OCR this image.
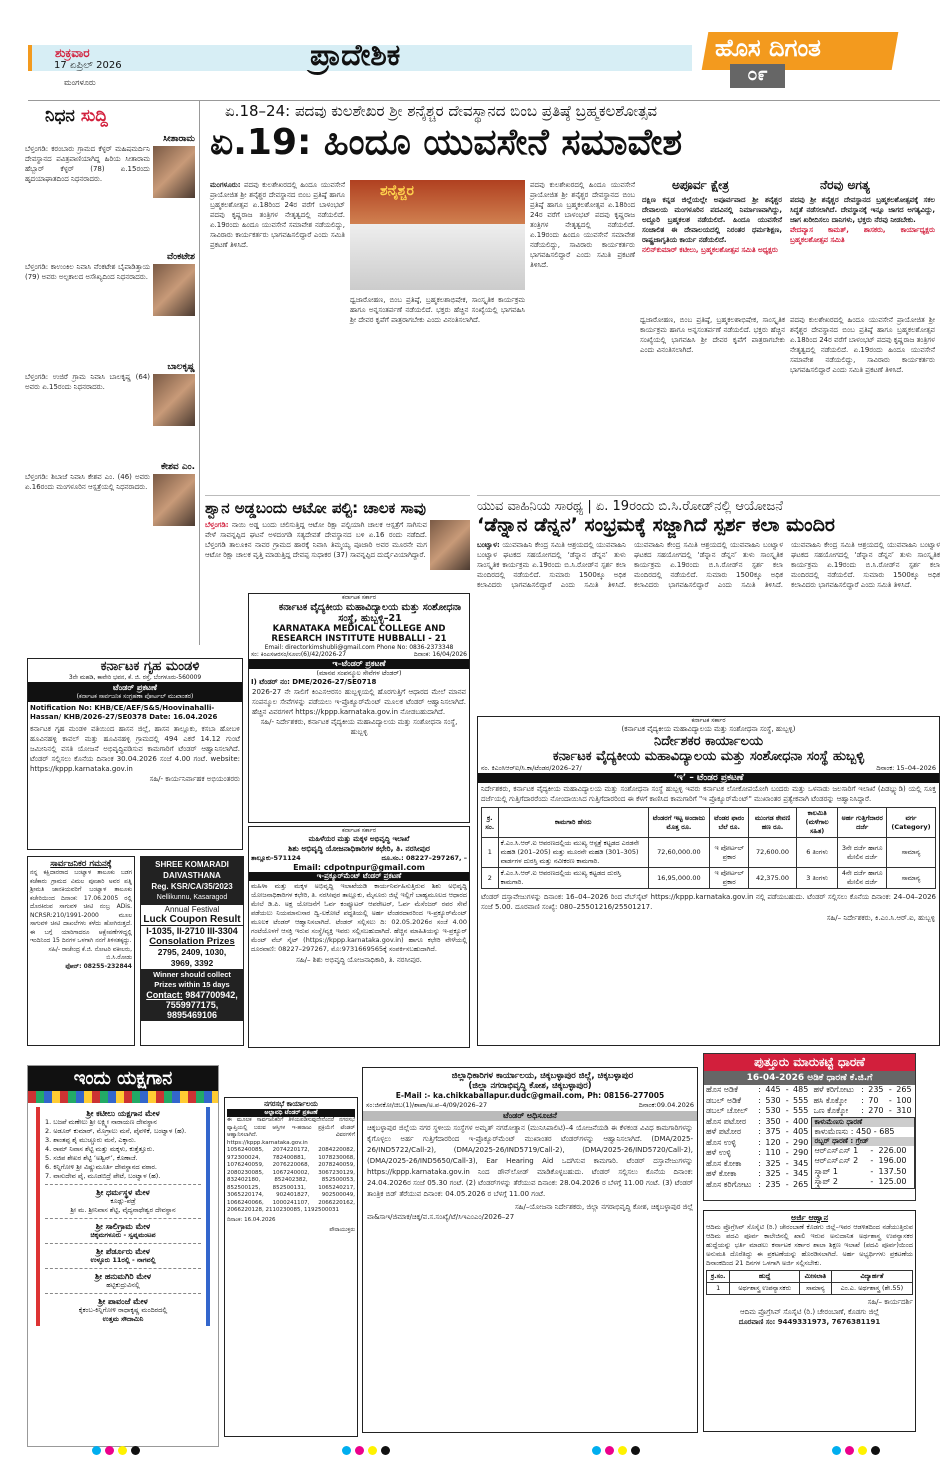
ಶುಕ್ರವಾರ
17 ಏಪ್ರಿಲ್ 2026
ಮಂಗಳೂರು
ಪ್ರಾದೇಶಿಕ	ಹೊಸ ದಿಗಂತ
೦೯
ನಿಧನ ಸುದ್ದಿ
ಸೀತಾರಾಮ
ಬೆಳ್ತಂಗಡಿ: ಕರಂಬಾರು ಗ್ರಾಮದ ಕೆಳ್ಳರ್ ಮಹಿಷಮರ್ದಿನಿ ದೇವಸ್ಥಾನದ ಪವಿತ್ರಪಾಣಿಯಾಗಿದ್ದ ಹಿರಿಯ ಸೀತಾರಾಮ ಹೆಬ್ಬಾರ್ ಕೆಳ್ಳರ್ (78) ಏ.15ರಂದು ಹೃದಯಾಘಾತದಿಂದ ನಿಧನರಾದರು.
ವೆಂಕಟೇಶ
ಬೆಳ್ತಂಗಡಿ: ಕಾಉಂಕಿಲ ನಿವಾಸಿ ವೆಂಕಟೇಶ ಬೈಪಾಡಿತ್ತಾಯ (79) ಅವರು ಅಲ್ಪಕಾಲದ ಅಸೌಖ್ಯದಿಂದ ನಿಧನರಾದರು.
ಬಾಲಕೃಷ್ಣ
ಬೆಳ್ತಂಗಡಿ: ಉಜಿರೆ ಗ್ರಾಮ ನಿವಾಸಿ ಬಾಲಕೃಷ್ಣ (64) ಅವರು ಏ.15ರಂದು ನಿಧನರಾದರು.
ಕೇಶವ ಎಂ.
ಬೆಳ್ತಂಗಡಿ: ಶಿಬಾಜೆ ನಿವಾಸಿ ಕೇಶವ ಎಂ. (46) ಅವರು ಏ.16ರಂದು ಮಂಗಳೂರಿನ ಆಸ್ಪತ್ರೆಯಲ್ಲಿ ನಿಧನರಾದರು.
ಏ.18–24: ಪದವು ಕುಲಶೇಖರ ಶ್ರೀ ಶನೈಶ್ಚರ ದೇವಸ್ಥಾನದ ಬಿಂಬ ಪ್ರತಿಷ್ಠೆ ಬ್ರಹ್ಮಕಲಶೋತ್ಸವ
ಏ.19: ಹಿಂದೂ ಯುವಸೇನೆ ಸಮಾವೇಶ
ಮಂಗಳೂರು: ಪದವು ಕುಲಶೇಖರದಲ್ಲಿ ಹಿಂದೂ ಯುವಸೇನೆ ಪ್ರಾಯೋಜಿತ ಶ್ರೀ ಶನೈಶ್ಚರ ದೇವಸ್ಥಾನದ ಬಿಂಬ ಪ್ರತಿಷ್ಠೆ ಹಾಗೂ ಬ್ರಹ್ಮಕಲಶೋತ್ಸವ ಏ.18ರಿಂದ 24ರ ವರೆಗೆ ಬಾಳಂಭಟ್ ಪದವು ಕೃಷ್ಣರಾಜ ತಂತ್ರಿಗಳ ನೇತೃತ್ವದಲ್ಲಿ ನಡೆಯಲಿದೆ. ಏ.19ರಂದು ಹಿಂದೂ ಯುವಸೇನೆ ಸಮಾವೇಶ ನಡೆಯಲಿದ್ದು, ಸಾವಿರಾರು ಕಾರ್ಯಕರ್ತರು ಭಾಗವಹಿಸಲಿದ್ದಾರೆ ಎಂದು ಸಮಿತಿ ಪ್ರಕಟಣೆ ತಿಳಿಸಿದೆ.
ಶನೈಶ್ಚರ
ಧ್ವಜಾರೋಹಣ, ಬಿಂಬ ಪ್ರತಿಷ್ಠೆ, ಬ್ರಹ್ಮಕಲಶಾಭಿಷೇಕ, ಸಾಂಸ್ಕೃತಿಕ ಕಾರ್ಯಕ್ರಮ ಹಾಗೂ ಅನ್ನಸಂತರ್ಪಣೆ ನಡೆಯಲಿದೆ. ಭಕ್ತರು ಹೆಚ್ಚಿನ ಸಂಖ್ಯೆಯಲ್ಲಿ ಭಾಗವಹಿಸಿ ಶ್ರೀ ದೇವರ ಕೃಪೆಗೆ ಪಾತ್ರರಾಗಬೇಕು ಎಂದು ವಿನಂತಿಸಲಾಗಿದೆ.
ಪದವು ಕುಲಶೇಖರದಲ್ಲಿ ಹಿಂದೂ ಯುವಸೇನೆ ಪ್ರಾಯೋಜಿತ ಶ್ರೀ ಶನೈಶ್ಚರ ದೇವಸ್ಥಾನದ ಬಿಂಬ ಪ್ರತಿಷ್ಠೆ ಹಾಗೂ ಬ್ರಹ್ಮಕಲಶೋತ್ಸವ ಏ.18ರಿಂದ 24ರ ವರೆಗೆ ಬಾಳಂಭಟ್ ಪದವು ಕೃಷ್ಣರಾಜ ತಂತ್ರಿಗಳ ನೇತೃತ್ವದಲ್ಲಿ ನಡೆಯಲಿದೆ. ಏ.19ರಂದು ಹಿಂದೂ ಯುವಸೇನೆ ಸಮಾವೇಶ ನಡೆಯಲಿದ್ದು, ಸಾವಿರಾರು ಕಾರ್ಯಕರ್ತರು ಭಾಗವಹಿಸಲಿದ್ದಾರೆ ಎಂದು ಸಮಿತಿ ಪ್ರಕಟಣೆ ತಿಳಿಸಿದೆ.
ಧ್ವಜಾರೋಹಣ, ಬಿಂಬ ಪ್ರತಿಷ್ಠೆ, ಬ್ರಹ್ಮಕಲಶಾಭಿಷೇಕ, ಸಾಂಸ್ಕೃತಿಕ ಕಾರ್ಯಕ್ರಮ ಹಾಗೂ ಅನ್ನಸಂತರ್ಪಣೆ ನಡೆಯಲಿದೆ. ಭಕ್ತರು ಹೆಚ್ಚಿನ ಸಂಖ್ಯೆಯಲ್ಲಿ ಭಾಗವಹಿಸಿ ಶ್ರೀ ದೇವರ ಕೃಪೆಗೆ ಪಾತ್ರರಾಗಬೇಕು ಎಂದು ವಿನಂತಿಸಲಾಗಿದೆ.
ಪದವು ಕುಲಶೇಖರದಲ್ಲಿ ಹಿಂದೂ ಯುವಸೇನೆ ಪ್ರಾಯೋಜಿತ ಶ್ರೀ ಶನೈಶ್ಚರ ದೇವಸ್ಥಾನದ ಬಿಂಬ ಪ್ರತಿಷ್ಠೆ ಹಾಗೂ ಬ್ರಹ್ಮಕಲಶೋತ್ಸವ ಏ.18ರಿಂದ 24ರ ವರೆಗೆ ಬಾಳಂಭಟ್ ಪದವು ಕೃಷ್ಣರಾಜ ತಂತ್ರಿಗಳ ನೇತೃತ್ವದಲ್ಲಿ ನಡೆಯಲಿದೆ. ಏ.19ರಂದು ಹಿಂದೂ ಯುವಸೇನೆ ಸಮಾವೇಶ ನಡೆಯಲಿದ್ದು, ಸಾವಿರಾರು ಕಾರ್ಯಕರ್ತರು ಭಾಗವಹಿಸಲಿದ್ದಾರೆ ಎಂದು ಸಮಿತಿ ಪ್ರಕಟಣೆ ತಿಳಿಸಿದೆ.
ಅಪೂರ್ವ ಕ್ಷೇತ್ರ
ದಕ್ಷಿಣ ಕನ್ನಡ ಜಿಲ್ಲೆಯಲ್ಲೇ ಅಪೂರ್ವವಾದ ಶ್ರೀ ಶನೈಶ್ಚರ ದೇವಾಲಯ ಮಂಗಳೂರಿನ ಪದವಿನಲ್ಲಿ ನಿರ್ಮಾಣವಾಗಿದ್ದು, ಅದ್ದೂರಿ ಬ್ರಹ್ಮಕಲಶ ನಡೆಯಲಿದೆ. ಹಿಂದೂ ಯುವಸೇನೆ ಸಂಚಾಲಿತ ಈ ದೇವಾಲಯದಲ್ಲಿ ನಿರಂತರ ಧರ್ಮಶಿಕ್ಷಣ, ರಾಷ್ಟ್ರಜಾಗೃತಿಯ ಕಾರ್ಯ ನಡೆಯಲಿದೆ.
ನಲಿನ್‌ಕುಮಾರ್ ಕಟೀಲು, ಬ್ರಹ್ಮಕಲಶೋತ್ಸವ ಸಮಿತಿ ಅಧ್ಯಕ್ಷರು
ನೆರವು ಅಗತ್ಯ
ಪದವು ಶ್ರೀ ಶನೈಶ್ಚರ ದೇವಸ್ಥಾನದ ಬ್ರಹ್ಮಕಲಶೋತ್ಸವಕ್ಕೆ ಸಕಲ ಸಿದ್ಧತೆ ನಡೆಸಲಾಗಿದೆ. ದೇವಸ್ಥಾನಕ್ಕೆ ಇನ್ನೂ ಜಾಗದ ಅಗತ್ಯವಿದ್ದು, ಜಾಗ ಖರೀದಿಸಲು ದಾನಿಗಳು, ಭಕ್ತರು ನೆರವು ನೀಡಬೇಕು.
ವೇದವ್ಯಾಸ ಕಾಮತ್, ಶಾಸಕರು, ಕಾರ್ಯಾಧ್ಯಕ್ಷರು ಬ್ರಹ್ಮಕಲಶೋತ್ಸವ ಸಮಿತಿ
ಶ್ವಾನ ಅಡ್ಡಬಂದು ಆಟೋ ಪಲ್ಟಿ: ಚಾಲಕ ಸಾವು
ಬೆಳ್ತಂಗಡಿ: ನಾಯಿ ಅಡ್ಡ ಬಂದು ಚಲಿಸುತ್ತಿದ್ದ ಆಟೋ ರಿಕ್ಷಾ ಪಲ್ಟಿಯಾಗಿ ಚಾಲಕ ಆಸ್ಪತ್ರೆಗೆ ಸಾಗಿಸುವ ವೇಳೆ ಸಾವನ್ನಪ್ಪಿದ ಘಟನೆ ಅಳದಂಗಡಿ ಸತ್ಯದೇವತೆ ದೇವಸ್ಥಾನದ ಬಳಿ ಏ.16 ರಂದು ನಡೆದಿದೆ. ಬೆಳ್ತಂಗಡಿ ತಾಲೂಕಿನ ನಾವರ ಗ್ರಾಮದ ಹಾರಕ್ಕೆ ನಿವಾಸಿ ತಿಮ್ಮಯ್ಯ ಪೂಜಾರಿ ಅವರ ಮೂರನೇ ಮಗ ಆಟೋ ರಿಕ್ಷಾ ಚಾಲಕ ವೃತ್ತಿ ಮಾಡುತ್ತಿದ್ದ ದೇವಪ್ಪ ಸುಧಾಕರ (37) ಸಾವನ್ನಪ್ಪಿದ ದುರ್ದೈವಿಯಾಗಿದ್ದಾರೆ.
ಯುವ ವಾಹಿನಿಯ ಸಾರಥ್ಯ | ಏ. 19ರಂದು ಬಿ.ಸಿ.ರೋಡ್‌ನಲ್ಲಿ ಆಯೋಜನೆ
‘ಡೆನ್ನಾನ ಡೆನ್ನನ’ ಸಂಭ್ರಮಕ್ಕೆ ಸಜ್ಜಾಗಿದೆ ಸ್ಪರ್ಶ ಕಲಾ ಮಂದಿರ
ಬಂಟ್ವಾಳ: ಯುವವಾಹಿನಿ ಕೇಂದ್ರ ಸಮಿತಿ ಆಶ್ರಯದಲ್ಲಿ ಯುವವಾಹಿನಿ ಬಂಟ್ವಾಳ ಘಟಕದ ಸಹಯೋಗದಲ್ಲಿ ‘ಡೆನ್ನಾನ ಡೆನ್ನನ’ ತುಳು ಸಾಂಸ್ಕೃತಿಕ ಕಾರ್ಯಕ್ರಮ ಏ.19ರಂದು ಬಿ.ಸಿ.ರೋಡ್‌ನ ಸ್ಪರ್ಶ ಕಲಾ ಮಂದಿರದಲ್ಲಿ ನಡೆಯಲಿದೆ. ಸುಮಾರು 1500ಕ್ಕೂ ಅಧಿಕ ಕಲಾವಿದರು ಭಾಗವಹಿಸಲಿದ್ದಾರೆ ಎಂದು ಸಮಿತಿ ತಿಳಿಸಿದೆ. ಯುವವಾಹಿನಿ ಕೇಂದ್ರ ಸಮಿತಿ ಆಶ್ರಯದಲ್ಲಿ ಯುವವಾಹಿನಿ ಬಂಟ್ವಾಳ ಘಟಕದ ಸಹಯೋಗದಲ್ಲಿ ‘ಡೆನ್ನಾನ ಡೆನ್ನನ’ ತುಳು ಸಾಂಸ್ಕೃತಿಕ ಕಾರ್ಯಕ್ರಮ ಏ.19ರಂದು ಬಿ.ಸಿ.ರೋಡ್‌ನ ಸ್ಪರ್ಶ ಕಲಾ ಮಂದಿರದಲ್ಲಿ ನಡೆಯಲಿದೆ. ಸುಮಾರು 1500ಕ್ಕೂ ಅಧಿಕ ಕಲಾವಿದರು ಭಾಗವಹಿಸಲಿದ್ದಾರೆ ಎಂದು ಸಮಿತಿ ತಿಳಿಸಿದೆ. ಯುವವಾಹಿನಿ ಕೇಂದ್ರ ಸಮಿತಿ ಆಶ್ರಯದಲ್ಲಿ ಯುವವಾಹಿನಿ ಬಂಟ್ವಾಳ ಘಟಕದ ಸಹಯೋಗದಲ್ಲಿ ‘ಡೆನ್ನಾನ ಡೆನ್ನನ’ ತುಳು ಸಾಂಸ್ಕೃತಿಕ ಕಾರ್ಯಕ್ರಮ ಏ.19ರಂದು ಬಿ.ಸಿ.ರೋಡ್‌ನ ಸ್ಪರ್ಶ ಕಲಾ ಮಂದಿರದಲ್ಲಿ ನಡೆಯಲಿದೆ. ಸುಮಾರು 1500ಕ್ಕೂ ಅಧಿಕ ಕಲಾವಿದರು ಭಾಗವಹಿಸಲಿದ್ದಾರೆ ಎಂದು ಸಮಿತಿ ತಿಳಿಸಿದೆ.
ಕರ್ನಾಟಕ ಗೃಹ ಮಂಡಳಿ
3ನೇ ಮಹಡಿ, ಕಾವೇರಿ ಭವನ, ಕೆ. ಜಿ. ರಸ್ತೆ, ಬೆಂಗಳೂರು-560009
ಟೆಂಡರ್ ಪ್ರಕಟಣೆ
(ಕರ್ನಾಟಕ ಸಾರ್ವಜನಿಕ ಸಂಗ್ರಹಣಾ ಪೋರ್ಟಲ್ ಮುಖಾಂತರ)
Notification No: KHB/CE/AEF/S&S/Hoovinahalli-Hassan/ KHB/2026-27/SE0378 Date: 16.04.2026
ಕರ್ನಾಟಕ ಗೃಹ ಮಂಡಳಿ ವತಿಯಿಂದ ಹಾಸನ ಜಿಲ್ಲೆ, ಹಾಸನ ತಾಲ್ಲೂಕು, ಕಸಬಾ ಹೋಬಳಿ ಹೂವಿನಹಳ್ಳಿ ಕಾವಲ್ ಮತ್ತು ಹೂವಿನಹಳ್ಳಿ ಗ್ರಾಮದಲ್ಲಿ 494 ಎಕರೆ 14.12 ಗುಂಟೆ ಜಮೀನಿನಲ್ಲಿ ವಸತಿ ಯೋಜನೆ ಅಭಿವೃದ್ಧಿಪಡಿಸುವ ಕಾಮಗಾರಿಗೆ ಟೆಂಡರ್ ಆಹ್ವಾನಿಸಲಾಗಿದೆ. ಟೆಂಡರ್ ಸಲ್ಲಿಸಲು ಕೊನೆಯ ದಿನಾಂಕ 30.04.2026 ಸಂಜೆ 4.00 ಗಂಟೆ. website: https://kppp.karnataka.gov.in
ಸಹಿ/- ಕಾರ್ಯನಿರ್ವಾಹಕ ಅಭಿಯಂತರರು
ಕರ್ನಾಟಕ ಸರ್ಕಾರ
ಕರ್ನಾಟಕ ವೈದ್ಯಕೀಯ ಮಹಾವಿದ್ಯಾಲಯ ಮತ್ತು ಸಂಶೋಧನಾ ಸಂಸ್ಥೆ, ಹುಬ್ಬಳ್ಳಿ–21
KARNATAKA MEDICAL COLLEGE AND RESEARCH INSTITUTE HUBBALLI - 21
Email: directorkimshubli@gmail.com Phone No: 0836-2373348
ಸಂ: ಕಿಂಎಸಆರಸಂ/ಸೂಉ(6)/42/2026-27	ದಿನಾಂಕ: 16/04/2026
ಇ–ಟೆಂಡರ್ ಪ್ರಕಟಣೆ
(ಮಾನವ ಸಂಪನ್ಮೂಲ ಸೇವೆಗಳ ಟೆಂಡರ್)
I) ಟೆಂಡರ್ ನಂ: DME/2026-27/SE0718
2026-27 ನೇ ಸಾಲಿಗೆ ಕಿಂಎಸಆರಸಂ ಹುಬ್ಬಳ್ಳಿಯಲ್ಲಿ ಹೊರಗುತ್ತಿಗೆ ಆಧಾರದ ಮೇಲೆ ಮಾನವ ಸಂಪನ್ಮೂಲ ಸೇವೆಗಳನ್ನು ಪಡೆಯಲು ಇ-ಪ್ರೊಕ್ಯೂರ್‌ಮೆಂಟ್ ಮೂಲಕ ಟೆಂಡರ್ ಆಹ್ವಾನಿಸಲಾಗಿದೆ. ಹೆಚ್ಚಿನ ವಿವರಗಳಿಗೆ https://kppp.karnataka.gov.in ನೋಡಬಹುದಾಗಿದೆ.
ಸಹಿ/- ನಿರ್ದೇಶಕರು, ಕರ್ನಾಟಕ ವೈದ್ಯಕೀಯ ಮಹಾವಿದ್ಯಾಲಯ ಮತ್ತು ಸಂಶೋಧನಾ ಸಂಸ್ಥೆ, ಹುಬ್ಬಳ್ಳಿ
ಕರ್ನಾಟಕ ಸರ್ಕಾರ
(ಕರ್ನಾಟಕ ವೈದ್ಯಕೀಯ ಮಹಾವಿದ್ಯಾಲಯ ಮತ್ತು ಸಂಶೋಧನಾ ಸಂಸ್ಥೆ, ಹುಬ್ಬಳ್ಳಿ)
ನಿರ್ದೇಶಕರ ಕಾರ್ಯಾಲಯ
ಕರ್ನಾಟಕ ವೈದ್ಯಕೀಯ ಮಹಾವಿದ್ಯಾಲಯ ಮತ್ತು ಸಂಶೋಧನಾ ಸಂಸ್ಥೆ ಹುಬ್ಬಳ್ಳಿ
ನಂ. ಕಿಎಂಸಿಆರ್‌ಐ/ಸಿ.ಕಾ/ಟೆಂಡರ/2026–27/	ದಿನಾಂಕ: 15–04–2026
‘ಇ’ – ಟೆಂಡರ ಪ್ರಕಟಣೆ
ನಿರ್ದೇಶಕರು, ಕರ್ನಾಟಕ ವೈದ್ಯಕೀಯ ಮಹಾವಿದ್ಯಾಲಯ ಮತ್ತು ಸಂಶೋಧನಾ ಸಂಸ್ಥೆ ಹುಬ್ಬಳ್ಳಿ ಇವರು ಕರ್ನಾಟಕ ಲೋಕೋಪಯೋಗಿ ಬಂದರು ಮತ್ತು ಒಳನಾಡು ಜಲಸಾರಿಗೆ ಇಲಾಖೆ (ಪಿಡಬ್ಲ್ಯುಡಿ) ಯಲ್ಲಿ ಸೂಕ್ತ ದರ್ಜೆಯಲ್ಲಿ ಗುತ್ತಿಗೆದಾರರೆಂದು ನೋಂದಾಯಿಸಿದ ಗುತ್ತಿಗೆದಾರರಿಂದ ಈ ಕೆಳಗೆ ಕಾಣಿಸಿದ ಕಾಮಗಾರಿಗೆ "ಇ ಪ್ರೊಕ್ಯೂರ್‌ಮೆಂಟ್" ಮುಖಾಂತರ ಪ್ರತ್ಯೇಕವಾಗಿ ಟೆಂಡರನ್ನು ಆಹ್ವಾನಿಸಿದ್ದಾರೆ.
ಕ್ರ. ಸಂ.	ಕಾಮಗಾರಿ ಹೆಸರು	ಟೆಂಡರಗೆ ಇಟ್ಟ ಅಂದಾಜು ಮೊತ್ತ ರೂ.	ಟೆಂಡರ ಫಾರಂ ಬೆಲೆ ರೂ.	ಮುಂಗಡ ಠೇವಣಿ ಹಣ ರೂ.	ಕಾಲಮಿತಿ (ಮಳೆಗಾಲ ಸಹಿತ)	ಅರ್ಹ ಗುತ್ತಿಗೆದಾರರ ದರ್ಜೆ	ವರ್ಗ (Category)
1	ಕೆ.ಎಂ.ಸಿ.ಆರ್.ಐ ಆವರಣದಲ್ಲಿಯ ಮುಖ್ಯ ಆಸ್ಪತ್ರೆ ಕಟ್ಟಡದ ಎರಡನೇ ಮಹಡಿ (201–205) ಮತ್ತು ಮೂರನೇ ಮಹಡಿ (301–305) ವಾರ್ಡಗಳ ದುರಸ್ತಿ ಮತ್ತು ನವೀಕರಣ ಕಾಮಗಾರಿ.	72,60,000.00	ಇ ಪೋರ್ಟಲ್ ಪ್ರಕಾರ	72,600.00	6 ತಿಂಗಳು	3ನೇ ದರ್ಜೆ ಹಾಗೂ ಮೇಲಿನ ದರ್ಜೆ	ಸಾಮಾನ್ಯ
2	ಕೆ.ಎಂ.ಸಿ.ಆರ್.ಐ ಆವರಣದಲ್ಲಿಯ ಮುಖ್ಯ ಕಟ್ಟಡದ ದುರಸ್ತಿ ಕಾಮಗಾರಿ.	16,95,000.00	ಇ ಪೋರ್ಟಲ್ ಪ್ರಕಾರ	42,375.00	3 ತಿಂಗಳು	4ನೇ ದರ್ಜೆ ಹಾಗೂ ಮೇಲಿನ ದರ್ಜೆ	ಸಾಮಾನ್ಯ
ಟೆಂಡರ್ ದಸ್ತಾವೇಜುಗಳನ್ನು ದಿನಾಂಕ: 16–04–2026 ರಿಂದ ವೆಬ್‌ಸೈಟ್ https://kppp.karnataka.gov.in ನಲ್ಲಿ ಪಡೆಯಬಹುದು. ಟೆಂಡರ್ ಸಲ್ಲಿಸಲು ಕೊನೆಯ ದಿನಾಂಕ: 24–04–2026 ಸಂಜೆ 5.00. ದೂರವಾಣಿ ಸಂಖ್ಯೆ: 080–25501216/25501217.
ಸಹಿ/– ನಿರ್ದೇಶಕರು, ಕಿ.ಎಂ.ಸಿ.ಆರ್.ಐ, ಹುಬ್ಬಳ್ಳಿ
ಸಾರ್ವಜನಿಕರ ಗಮನಕ್ಕೆ
ನನ್ನ ಕಕ್ಷಿದಾರರಾದ ಬಂಟ್ವಾಳ ತಾಲೂಕು ಬಡಗ ಕಜೆಕಾರು ಗ್ರಾಮದ ವಿಮಲ ಪೂಜಾರಿ ಅವರ ಪತ್ನಿ ಶ್ರೀಮತಿ ಜಾನಕಿಯವರಿಗೆ ಬಂಟ್ವಾಳ ತಾಲೂಕು ಕಚೇರಿಯಿಂದ ದಿನಾಂಕ: 17.06.2005 ರಲ್ಲಿ ದೊರಕಿರುವ ಸಾಗುವಳಿ ಚೀಟಿ ನಂಬ್ರ ADis. NCRSR:210/1991-2000 ಮೂಲ ಸಾಗುವಳಿ ಚೀಟಿ ದಾಖಲೆಗಳು ಕಳೆದು ಹೋಗಿರುತ್ತದೆ. ಈ ಬಗ್ಗೆ ಯಾರಿಗಾದರೂ ಆಕ್ಷೇಪಣೆಗಳಿದ್ದಲ್ಲಿ ಇಂದಿನಿಂದ 15 ದಿನಗಳ ಒಳಗಾಗಿ ನನಗೆ ತಿಳಿಸತಕ್ಕದ್ದು.
ಸಹಿ/- ರಾಜೇಂದ್ರ ಕೆ.ಜಿ. ನೋಟರಿ ವಕೀಲರು, ಬಿ.ಸಿ.ರೋಡು
ಫೋನ್: 08255-232844
SHREE KOMARADI DAIVASTHANA
Reg. KSR/CA/35/2023
Nellikunnu, Kasaragod
Annual Festival
Luck Coupon Result
I-1035, II-2710 III-3304
Consolation Prizes
2795, 2409, 1030, 3969, 3392
Winner should collect Prizes within 15 days
Contact: 9847700942, 7559977175, 9895469106
ಕರ್ನಾಟಕ ಸರ್ಕಾರ
ಮಹಿಳೆಯರ ಮತ್ತು ಮಕ್ಕಳ ಅಭಿವೃದ್ಧಿ ಇಲಾಖೆ
ಶಿಶು ಅಭಿವೃದ್ಧಿ ಯೋಜನಾಧಿಕಾರಿಗಳ ಕಛೇರಿ, ತಿ. ನರಸೀಪುರ
ತಾಲ್ಲೂಕು-571124	ದೂ.ಸಂ.: 08227–297267, –
Email: cdpotnpur@gmail.com
ಇ-ಪ್ರಕ್ಯೂರ್‌ಮೆಂಟ್ ಟೆಂಡರ್ ಪ್ರಕಟಣೆ
ಮಹಿಳಾ ಮತ್ತು ಮಕ್ಕಳ ಅಭಿವೃದ್ಧಿ ಇಲಾಖೆಯಡಿ ಕಾರ್ಯನಿರ್ವಹಿಸುತ್ತಿರುವ ಶಿಶು ಅಭಿವೃದ್ಧಿ ಯೋಜನಾಧಿಕಾರಿಗಳ ಕಛೇರಿ, ತಿ. ನರಸೀಪುರ ತಾಲ್ಲೂಕು, ಮೈಸೂರು ಜಿಲ್ಲೆ ಇಲ್ಲಿಗೆ ಬಾಹ್ಯಮೂಲದ ಆಧಾರದ ಮೇಲೆ ಡಿ.ಪಿ. ಅಕ್ಷ ಯೋಜನೆಗೆ ಓರ್ವ ಕಂಪ್ಯೂಟರ್ ಆಪರೇಟರ್, ಓರ್ವ ಮೆಸೆಂಜರ್ ರವರ ಸೇವೆ ಪಡೆಯಲು ನಿಯಮಾನುಸಾರ ದ್ವಿ-ಲಕೋಟೆ ಪದ್ಧತಿಯಲ್ಲಿ ಅರ್ಹ ಟೆಂಡರದಾರರಿಂದ ಇ-ಪ್ರಕ್ಯೂರ್‌ಮೆಂಟ್ ಮೂಲಕ ಟೆಂಡರ್ ಆಹ್ವಾನಿಸಲಾಗಿದೆ. ಟೆಂಡರ್ ಸಲ್ಲಿಸಲು ದಿ: 02.05.2026ರ ಸಂಜೆ 4.00 ಗಂಟೆಯೊಳಗೆ ಆಸಕ್ತಿ ಇರುವ ಸಂಸ್ಥೆ/ವ್ಯಕ್ತಿ ಇವರು ಸಲ್ಲಿಸಬಹುದಾಗಿದೆ. ಹೆಚ್ಚಿನ ಮಾಹಿತಿಯನ್ನು ಇ-ಪ್ರಕ್ಯೂರ್ ಮೆಂಟ್ ವೆಬ್ ಸೈಟ್ (https://kppp.karnataka.gov.in) ಹಾಗೂ ಕಛೇರಿ ವೇಳೆಯಲ್ಲಿ ದೂರವಾಣಿ: 08227–297267, ಮೊ:9731669565ಕ್ಕೆ ಸಂಪರ್ಕಿಸಬಹುದಾಗಿದೆ.
ಸಹಿ/– ಶಿಶು ಅಭಿವೃದ್ಧಿ ಯೋಜನಾಧಿಕಾರಿ, ತಿ. ನರಸೀಪುರ.
ಇಂದು ಯಕ್ಷಗಾನ
ಶ್ರೀ ಕಟೀಲು ಯಕ್ಷಗಾನ ಮೇಳ
1. ಬಜಪೆ ಮಣೇಲು ಶ್ರೀ ಲಕ್ಷ್ಮೀ ನಾರಾಯಣ ದೇವಸ್ಥಾನ
2. ಅಡೂರ್ ಕುಮಾರ್, ಮೊಗ್ರಾಲು ಮನೆ, ಪೈವಳಿಕೆ, ಬಂಟ್ವಾಳ (ಹ).
3. ಶಾಂತಪ್ಪ ಶೈ ಮುಚ್ಚೂರು ಮನೆ, ಎಕ್ಕಾರು.
4. ರಾಮ್ ನಿವಾಸ ಶೆಟ್ಟಿ ಮತ್ತು ಮಕ್ಕಳು, ಕುತ್ತೆತ್ತೂರು.
5. ಸಜಿಪ ಶೇಖರ ಶೆಟ್ಟಿ ‘ಅಶ್ವಿನ್’, ಕೊಣಾಜೆ.
6. ಕಿನ್ನಿಗೋಳಿ ಶ್ರೀ ವಿಷ್ಣುಮೂರ್ತಿ ದೇವಸ್ಥಾನದ ವಠಾರ.
7. ವಾಸುದೇವ ಪೈ, ಮೂಡಬಿದ್ರೆ ಪೇಟೆ, ಬಂಟ್ವಾಳ (ಹ).
ಶ್ರೀ ಧರ್ಮಸ್ಥಳ ಮೇಳ
ಕೂಡ್ಲು-ಪಡ್ರೆ
ಶ್ರೀ ಮ. ಶ್ರೀನಿವಾಸ ಶೆಟ್ಟಿ, ವೈದ್ಯನಾಥೇಶ್ವರ ದೇವಸ್ಥಾನ
ಶ್ರೀ ಸಾಲಿಗ್ರಾಮ ಮೇಳ
ಚಿಕ್ಕಮಗಳೂರು - ಸ್ವಪ್ನಮಂಟಪ
ಶ್ರೀ ಪೆರ್ಡೂರು ಮೇಳ
ಉಳ್ಳೂರು 11ರಲ್ಲಿ - ನಾಗವಲ್ಲಿ
ಶ್ರೀ ಹನುಮಗಿರಿ ಮೇಳ
ಹಟ್ಟಿಕುದ್ರುವಿನಲ್ಲಿ
ಶ್ರೀ ಪಾವಂಜೆ ಮೇಳ
ಕೈಕಂಬ-ಕಿನ್ನಿಗೋಳಿ ರಾಧಾಕೃಷ್ಣ ಮಂದಿರದಲ್ಲಿ
ಉತ್ತಮ ಸೌದಾಮಿನಿ
ನಗರಸಭೆ ಕಾರ್ಯಾಲಯ
ಅಲ್ಪಾವಧಿ ಟೆಂಡರ್ ಪ್ರಕಟಣೆ
ಈ ಮೂಲಕ ಸಾರ್ವಜನಿಕರಿಗೆ ತಿಳಿಯಪಡಿಸುವುದೇನೆಂದರೆ ನಗರಸಭೆ ವ್ಯಾಪ್ತಿಯಲ್ಲಿ ಬರುವ ಆಸ್ತಿಗಳ ಇ-ಹರಾಜು ಪ್ರಕ್ರಿಯೆಗೆ ಟೆಂಡರ್ ಆಹ್ವಾನಿಸಲಾಗಿದೆ. ವಿವರಗಳಿಗೆ https://kppp.karnataka.gov.in
1056240085, 2074220172, 2084220082, 972300024, 782400881, 1078230068, 1076240059, 2076220068, 2078240059, 2080230085, 1067240002, 3067230129, 832402180, 852402382, 852500053, 852500125, 852500131, 1065240217, 3065220174, 902401827, 902500049, 1066240066, 1000241107, 2066220162, 2066220128, 2110230085, 1192500031
ದಿನಾಂಕ: 16.04.2026
ಪೌರಾಯುಕ್ತರು
ಜಿಲ್ಲಾಧಿಕಾರಿಗಳ ಕಾರ್ಯಾಲಯ, ಚಿಕ್ಕಬಳ್ಳಾಪುರ ಜಿಲ್ಲೆ, ಚಿಕ್ಕಬಳ್ಳಾಪುರ
(ಜಿಲ್ಲಾ ನಗರಾಭಿವೃದ್ಧಿ ಕೋಶ, ಚಿಕ್ಕಬಳ್ಳಾಪುರ)
E-Mail :- ka.chikkaballapur.dudc@gmail.com, Ph: 08156-277005
ಸಂ:ಜಿನಕೋ/ಚಿಬ(1)/ಶಾಪಾ/ಅ.ಪ–4/09/2026–27	ದಿನಾಂಕ:09.04.2026
ಟೆಂಡರ್ ಅಧಿಸೂಚನೆ
ಚಿಕ್ಕಬಳ್ಳಾಪುರ ಜಿಲ್ಲೆಯ ನಗರ ಸ್ಥಳೀಯ ಸಂಸ್ಥೆಗಳ ಅಮೃತ್ ನಗರೋತ್ಥಾನ (ಮುನಿಸಿಪಾಲಿಟಿ)–4 ಯೋಜನೆಯಡಿ ಈ ಕೆಳಕಂಡ ವಿವಿಧ ಕಾಮಗಾರಿಗಳನ್ನು ಕೈಗೊಳ್ಳಲು ಅರ್ಹ ಗುತ್ತಿಗೆದಾರರಿಂದ ಇ-ಪ್ರೊಕ್ಯೂರ್‌ಮೆಂಟ್ ಮುಖಾಂತರ ಟೆಂಡರ್‌ಗಳನ್ನು ಆಹ್ವಾನಿಸಲಾಗಿದೆ. (DMA/2025-26/IND5722/Call-2), (DMA/2025-26/IND5719/Call-2), (DMA/2025-26/IND5720/Call-2), (DMA/2025-26/IND5650/Call-3), Ear Hearing Aid ಒದಗಿಸುವ ಕಾಮಗಾರಿ. ಟೆಂಡರ್ ದಸ್ತಾವೇಜುಗಳನ್ನು https://kppp.karnataka.gov.in ನಿಂದ ಡೌನ್‌ಲೋಡ್ ಮಾಡಿಕೊಳ್ಳಬಹುದು. ಟೆಂಡರ್ ಸಲ್ಲಿಸಲು ಕೊನೆಯ ದಿನಾಂಕ: 24.04.2026ರ ಸಂಜೆ 05.30 ಗಂಟೆ. (2) ಟೆಂಡರ್‌ಗಳನ್ನು ತೆರೆಯುವ ದಿನಾಂಕ: 28.04.2026 ರ ಬೆಳಗ್ಗೆ 11.00 ಗಂಟೆ. (3) ಟೆಂಡರ್ ತಾಂತ್ರಿಕ ಬಿಡ್ ತೆರೆಯುವ ದಿನಾಂಕ: 04.05.2026 ರ ಬೆಳಗ್ಗೆ 11.00 ಗಂಟೆ.
ಸಹಿ/–ಯೋಜನಾ ನಿರ್ದೇಶಕರು, ಜಿಲ್ಲಾ ನಗರಾಭಿವೃದ್ಧಿ ಕೋಶ, ಚಿಕ್ಕಬಳ್ಳಾಪುರ ಜಿಲ್ಲೆ
ವಾ&ಸಾಇ/ಜಿಮಾಕ/ಚಿಕ್ಕ/ವ.ಸ.ಸಂಖ್ಯೆ/ಟೆ/ಸಿಇಎಂಎಂ/2026–27
ಪುತ್ತೂರು ಮಾರುಕಟ್ಟೆ ಧಾರಣೆ
16-04-2026 ಅಡಿಕೆ ಧಾರಣೆ ಕೆ.ಜಿ.ಗೆ
ಹೊಸ ಅಡಿಕೆ	:	445	-	485
ಡಬಲ್ ಅಡಿಕೆ	:	530	-	555
ಡಬಲ್ ಚೋಲ್	:	530	-	555
ಹೊಸ ಪಟೋರ	:	350	-	400
ಹಳೆ ಪಟೋರ	:	375	-	405
ಹೊಸ ಉಳ್ಳಿ	:	120	-	290
ಹಳೆ ಉಳ್ಳಿ	:	110	-	290
ಹೊಸ ಕೋಕಾ	:	325	-	345
ಹಳೆ ಕೋಕಾ	:	325	-	345
ಹೊಸ ಕರಿಗೋಟು	:	235	-	265
ಹಳೆ ಕರಿಗೋಟು	:	235	-	265
ಹಸಿ ಕೊಕ್ಕೋ	:	70	-	100
ಒಣ ಕೊಕ್ಕೋ	:	270	-	310
ಕಾಳುಮೆಣಸು ಧಾರಣೆ
ಕಾಳುಮೆಣಸು : 450 - 685
ರಬ್ಬರ್ ಧಾರಣೆ : ಗ್ರೇಡ್
ಆರ್‌ಎಸ್‌ಎಸ್ 1	-	226.00
ಆರ್‌ಎಸ್‌ಎಸ್ 2	-	196.00
ಸ್ಕ್ರಾಪ್ 1	-	137.50
ಸ್ಕ್ರಾಪ್ 2	-	125.00
ಅರ್ಜಿ ಆಹ್ವಾನ
ಆದಿಮ ಪ್ರೊಗ್ರೆಸಿವ್ ಸೊಸೈಟಿ (ರಿ.) ಚೇರಂಬಾಣೆ ಕೊಡಗು ಜಿಲ್ಲೆ–ಇವರ ಆಡಳಿತದಿಂದ ನಡೆಯುತ್ತಿರುವ ಆದಿಮ ಪದವಿ ಪೂರ್ವ ಕಾಲೇಜಿನಲ್ಲಿ ಖಾಲಿ ಇರುವ ಅನುದಾನಿತ ಅರ್ಥಶಾಸ್ತ್ರ ಉಪನ್ಯಾಸಕರ ಹುದ್ದೆಯನ್ನು ಭರ್ತಿ ಮಾಡಲು ಕರ್ನಾಟಕ ಸರ್ಕಾರ ಶಾಲಾ ಶಿಕ್ಷಣ ಇಲಾಖೆ (ಪದವಿ ಪೂರ್ವ)ಯಿಂದ ಅನುಮತಿ ದೊರೆತಿದ್ದು ಈ ಪ್ರಕಟಣೆಯನ್ನು ಹೊರಡಿಸಲಾಗಿದೆ. ಅರ್ಹ ಅಭ್ಯರ್ಥಿಗಳು ಪ್ರಕಟಣೆಯ ದಿನಾಂಕದಿಂದ 21 ದಿನಗಳ ಒಳಗಾಗಿ ಅರ್ಜಿ ಸಲ್ಲಿಸಬೇಕು.
ಕ್ರ.ಸಂ.	ಹುದ್ದೆ	ಮೀಸಲಾತಿ	ವಿದ್ಯಾರ್ಹತೆ
1	ಅರ್ಥಶಾಸ್ತ್ರ ಉಪನ್ಯಾಸಕರು	ಸಾಮಾನ್ಯ	ಎಂ.ಎ. ಅರ್ಥಶಾಸ್ತ್ರ (ಶೇ.55)
ಸಹಿ/– ಕಾರ್ಯದರ್ಶಿ
ಆದಿಮ ಪ್ರೊಗ್ರೆಸಿವ್ ಸೊಸೈಟಿ (ರಿ.) ಚೇರಂಬಾಣೆ, ಕೊಡಗು ಜಿಲ್ಲೆ
ದೂರವಾಣಿ ಸಂ: 9449331973, 7676381191
